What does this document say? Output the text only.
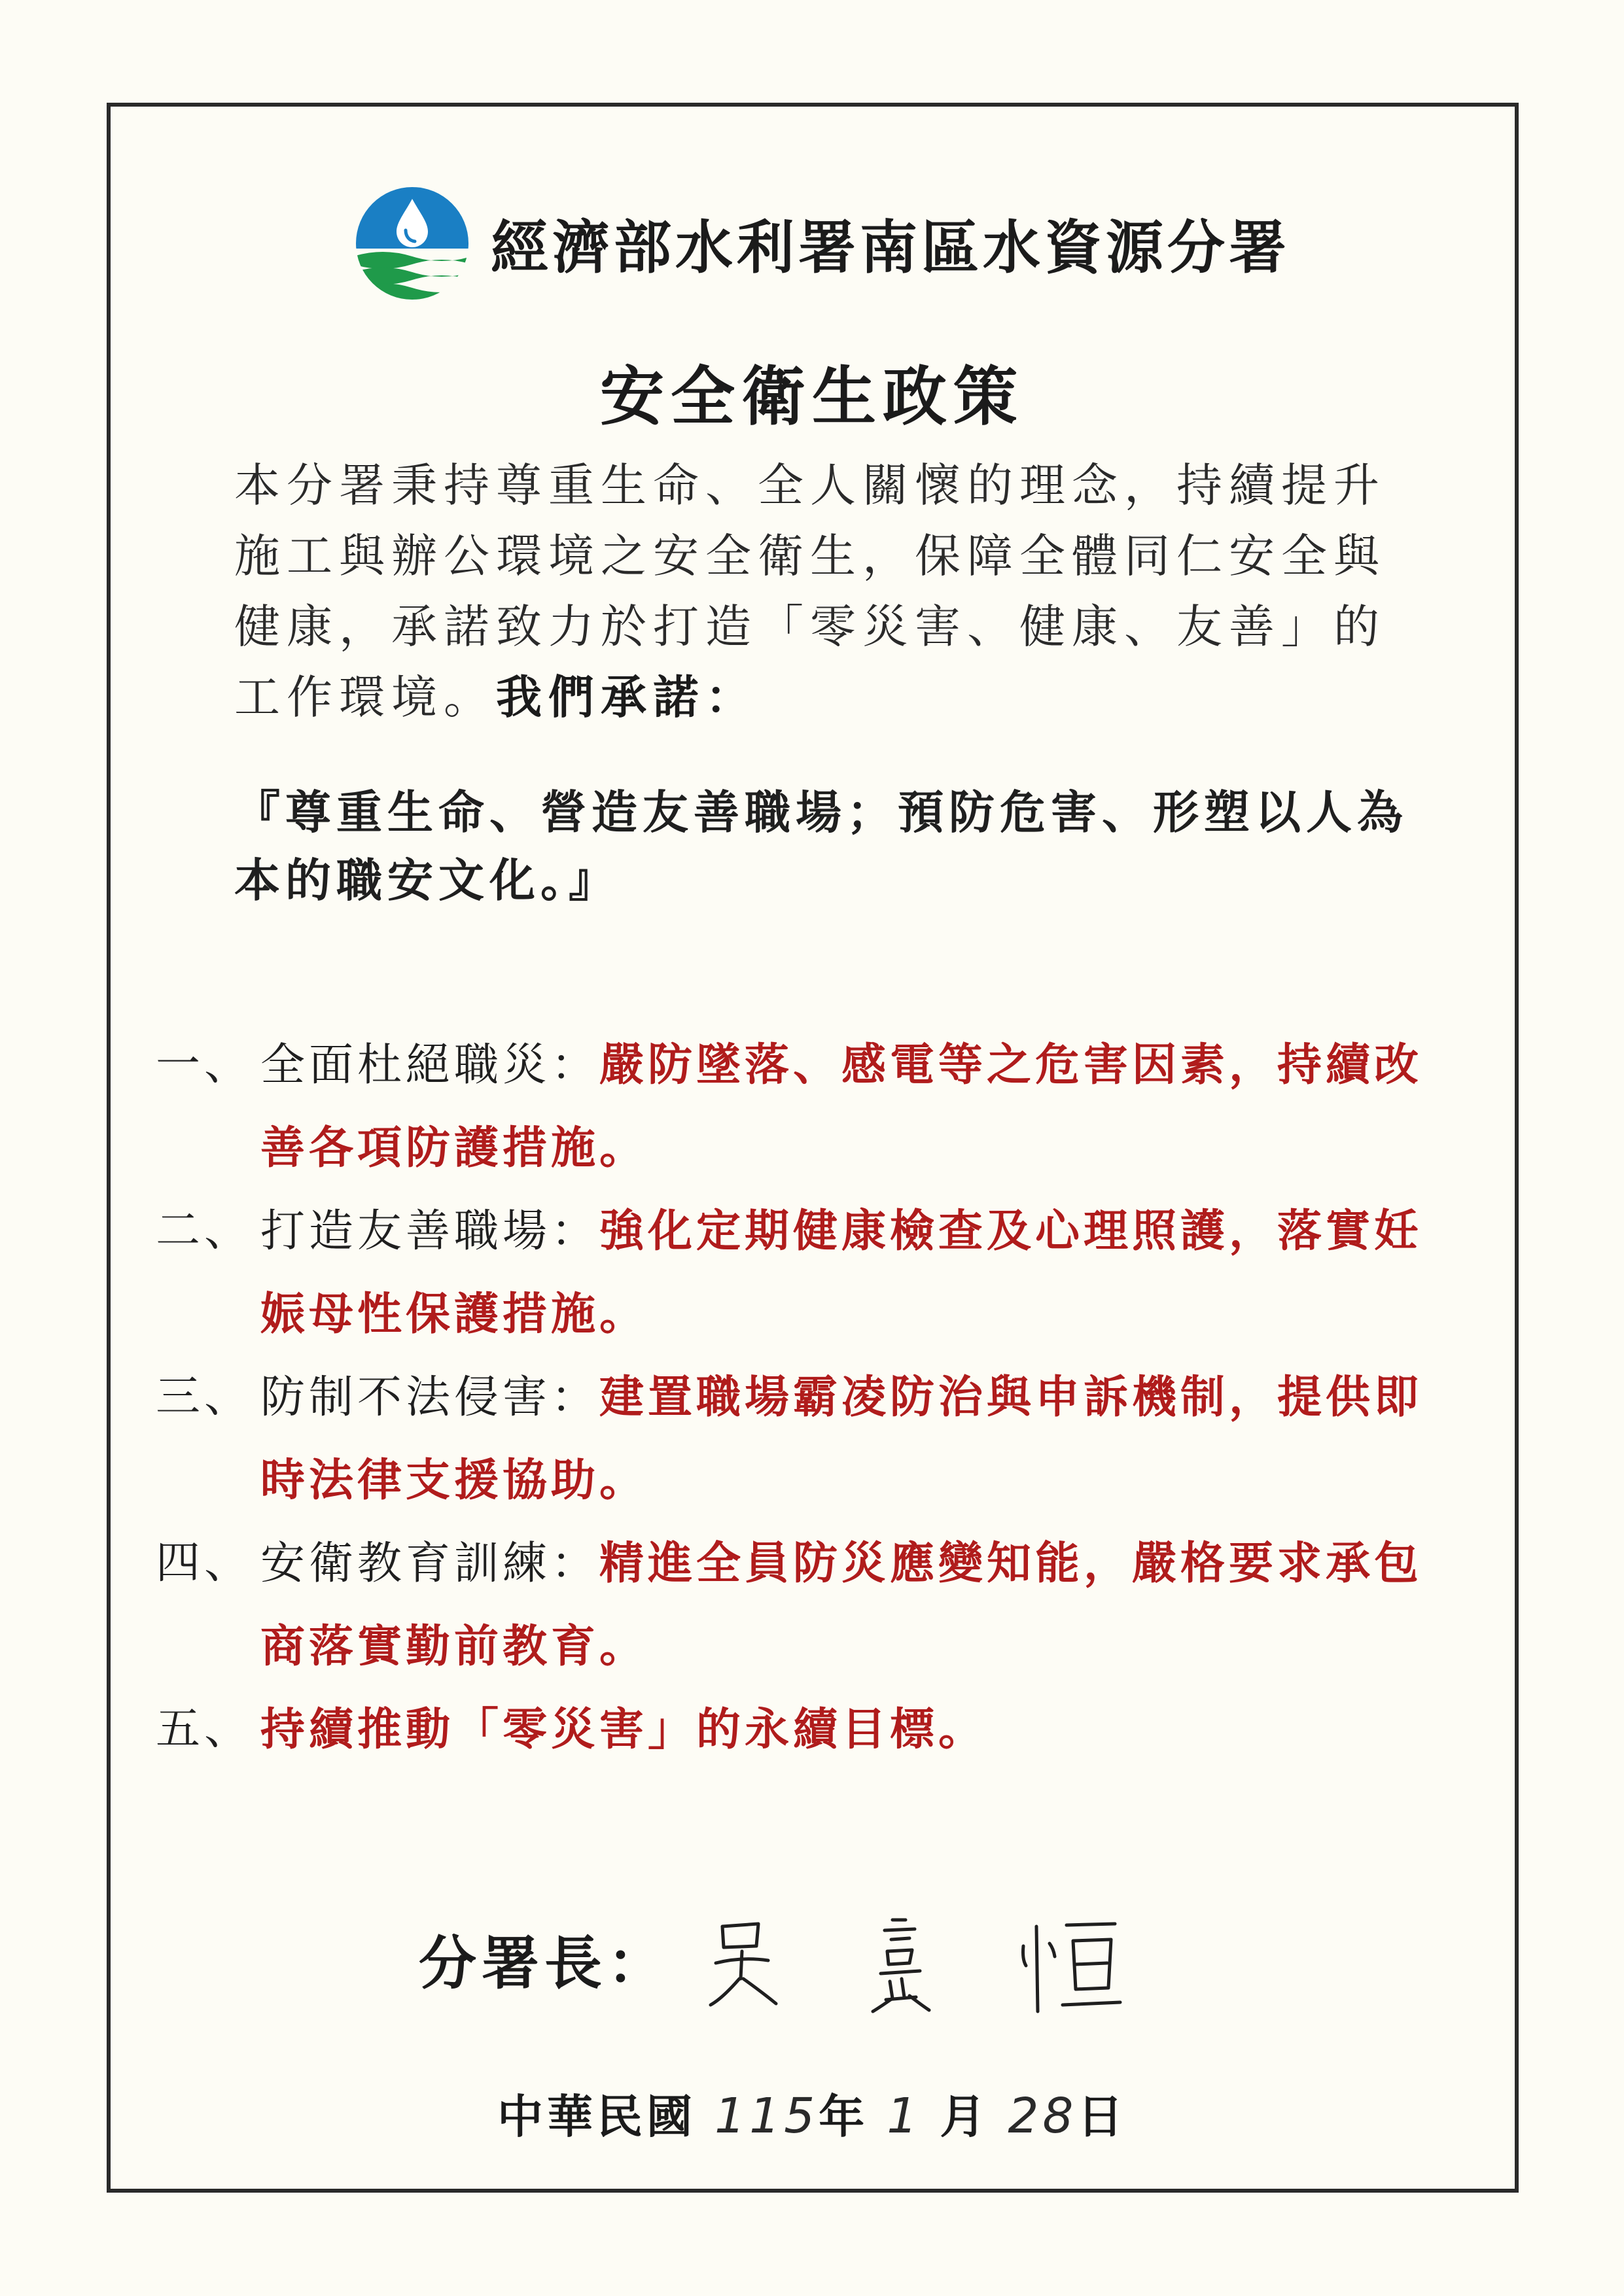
經濟部水利署南區水資源分署
安全衛生政策

本分署秉持尊重生命、全人關懷的理念，持續提升施工與辦公環境之安全衛生，保障全體同仁安全與健康，承諾致力於打造「零災害、健康、友善」的工作環境。我們承諾：

『尊重生命、營造友善職場；預防危害、形塑以人為本的職安文化。』

一、 全面杜絕職災：嚴防墜落、感電等之危害因素，持續改善各項防護措施。
二、 打造友善職場：強化定期健康檢查及心理照護，落實妊娠母性保護措施。
三、 防制不法侵害：建置職場霸凌防治與申訴機制，提供即時法律支援協助。
四、 安衛教育訓練：精進全員防災應變知能，嚴格要求承包商落實勤前教育。
五、 持續推動「零災害」的永續目標。
分署長：
中華民國 115 年 1 月 28 日
